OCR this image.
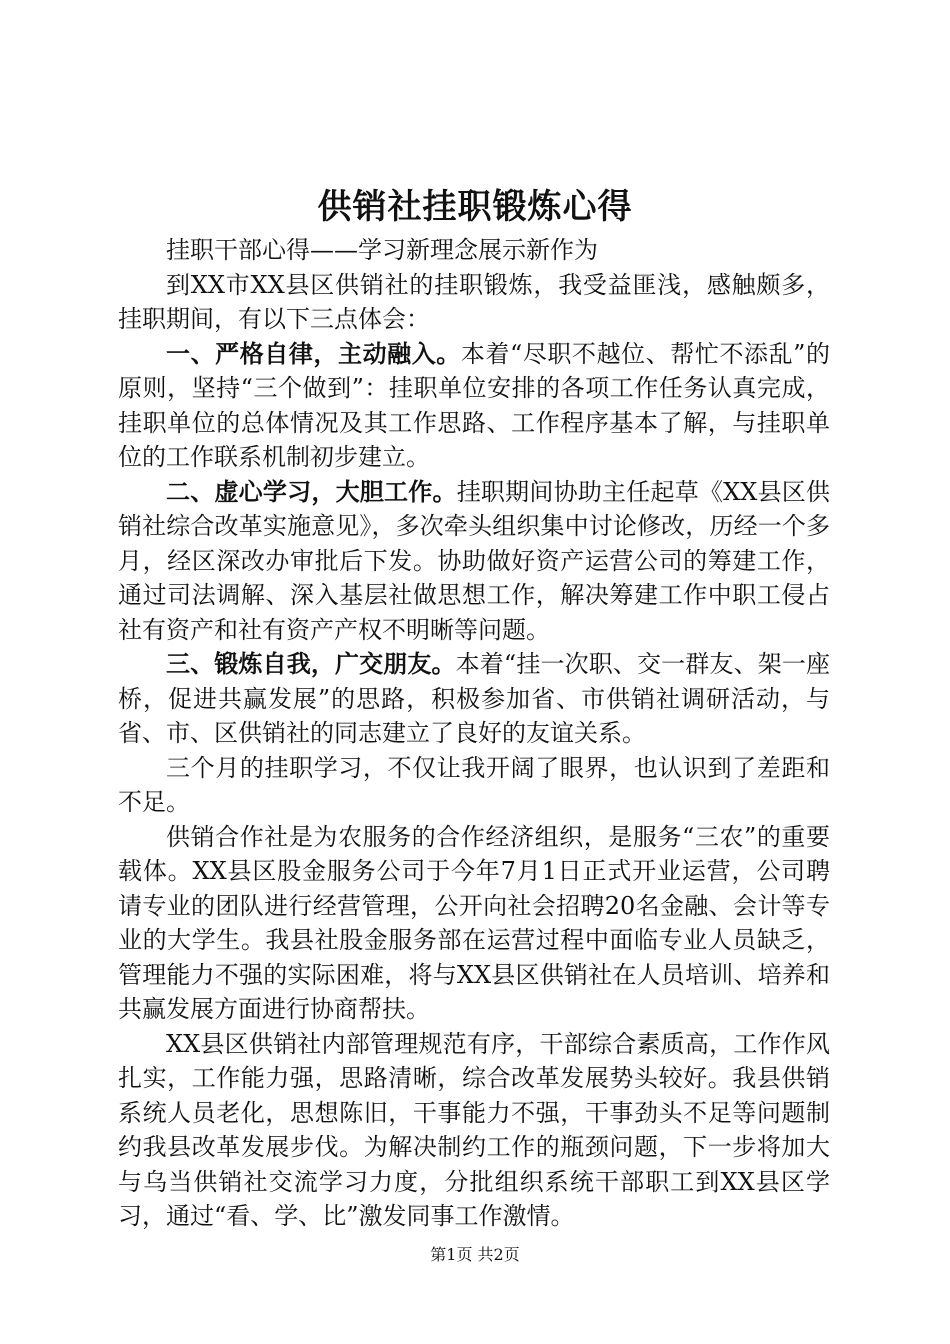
供销社挂职锻炼心得

挂职干部心得——学习新理念展示新作为

到XX市XX县区供销社的挂职锻炼，我受益匪浅，感触颇多，挂职期间，有以下三点体会：

一、严格自律，主动融入。本着“尽职不越位、帮忙不添乱”的原则，坚持“三个做到”：挂职单位安排的各项工作任务认真完成，挂职单位的总体情况及其工作思路、工作程序基本了解，与挂职单位的工作联系机制初步建立。

二、虚心学习，大胆工作。挂职期间协助主任起草《XX县区供销社综合改革实施意见》，多次牵头组织集中讨论修改，历经一个多月，经区深改办审批后下发。协助做好资产运营公司的筹建工作，通过司法调解、深入基层社做思想工作，解决筹建工作中职工侵占社有资产和社有资产产权不明晰等问题。

三、锻炼自我，广交朋友。本着“挂一次职、交一群友、架一座桥，促进共赢发展”的思路，积极参加省、市供销社调研活动，与省、市、区供销社的同志建立了良好的友谊关系。

三个月的挂职学习，不仅让我开阔了眼界，也认识到了差距和不足。

供销合作社是为农服务的合作经济组织，是服务“三农”的重要载体。XX县区股金服务公司于今年7月1日正式开业运营，公司聘请专业的团队进行经营管理，公开向社会招聘20名金融、会计等专业的大学生。我县社股金服务部在运营过程中面临专业人员缺乏，管理能力不强的实际困难，将与XX县区供销社在人员培训、培养和共赢发展方面进行协商帮扶。

XX县区供销社内部管理规范有序，干部综合素质高，工作作风扎实，工作能力强，思路清晰，综合改革发展势头较好。我县供销系统人员老化，思想陈旧，干事能力不强，干事劲头不足等问题制约我县改革发展步伐。为解决制约工作的瓶颈问题，下一步将加大与乌当供销社交流学习力度，分批组织系统干部职工到XX县区学习，通过“看、学、比”激发同事工作激情。

第1页 共2页
